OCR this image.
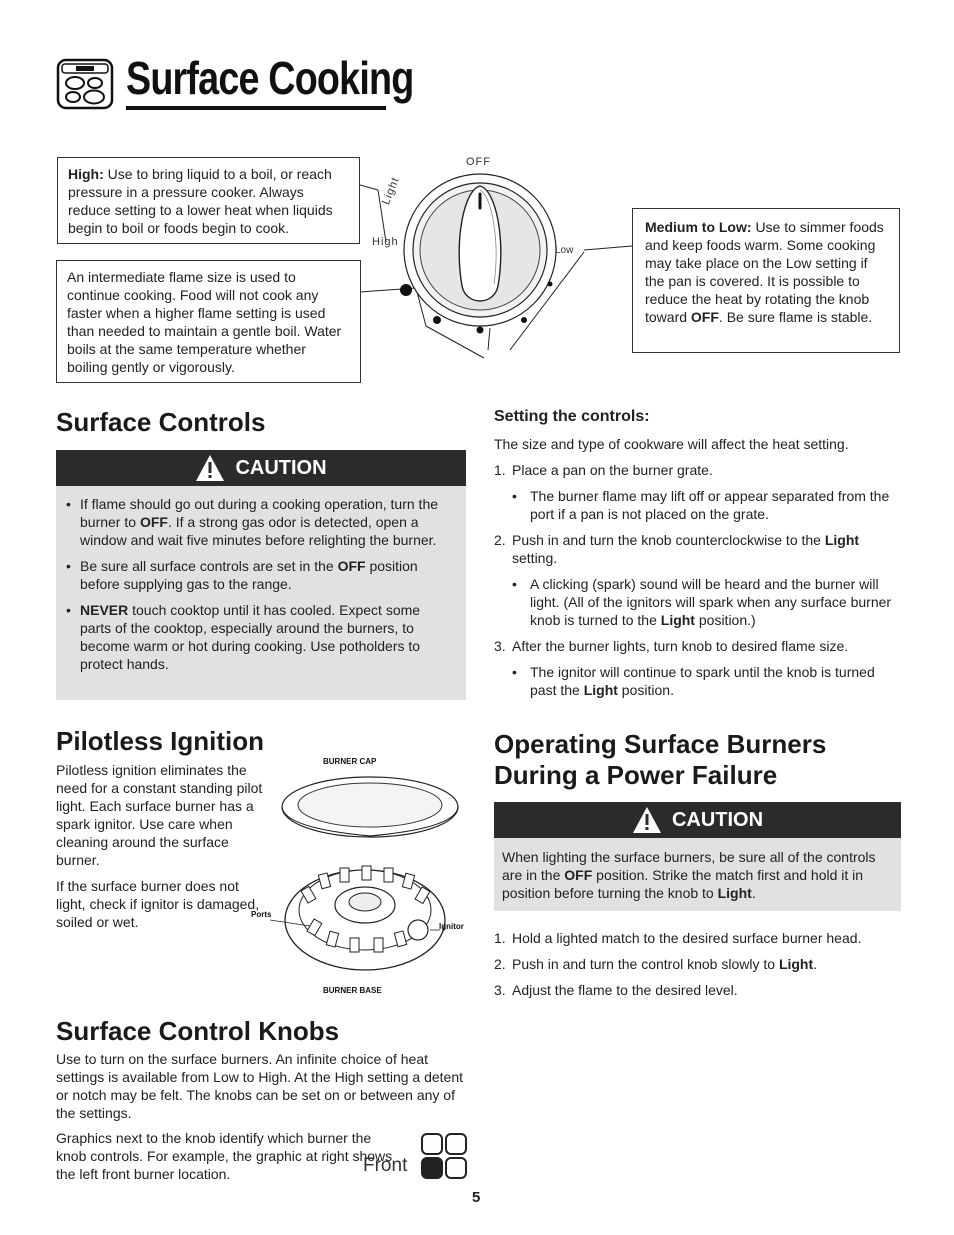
Surface Cooking
OFF
Light
High
Low
High: Use to bring liquid to a boil, or reach pressure in a pressure cooker. Always reduce setting to a lower heat when liquids begin to boil or foods begin to cook.
An intermediate flame size is used to continue cooking. Food will not cook any faster when a higher flame setting is used than needed to maintain a gentle boil. Water boils at the same temperature whether boiling gently or vigorously.
Medium to Low: Use to simmer foods and keep foods warm. Some cooking may take place on the Low setting if the pan is covered. It is possible to reduce the heat by rotating the knob toward OFF. Be sure flame is stable.
Surface Controls
CAUTION
• If flame should go out during a cooking operation, turn the burner to OFF. If a strong gas odor is detected, open a window and wait five minutes before relighting the burner.
• Be sure all surface controls are set in the OFF position before supplying gas to the range.
• NEVER touch cooktop until it has cooled. Expect some parts of the cooktop, especially around the burners, to become warm or hot during cooking. Use potholders to protect hands.
Setting the controls:
The size and type of cookware will affect the heat setting.
1. Place a pan on the burner grate.
• The burner flame may lift off or appear separated from the port if a pan is not placed on the grate.
2. Push in and turn the knob counterclockwise to the Light setting.
• A clicking (spark) sound will be heard and the burner will light. (All of the ignitors will spark when any surface burner knob is turned to the Light position.)
3. After the burner lights, turn knob to desired flame size.
• The ignitor will continue to spark until the knob is turned past the Light position.
Pilotless Ignition

Pilotless ignition eliminates the need for a constant standing pilot light. Each surface burner has a spark ignitor. Use care when cleaning around the surface burner.

If the surface burner does not light, check if ignitor is damaged, soiled or wet.

BURNER CAP
Ports
Ignitor
BURNER BASE
Operating Surface Burners During a Power Failure
CAUTION
When lighting the surface burners, be sure all of the controls are in the OFF position. Strike the match first and hold it in position before turning the knob to Light.
1. Hold a lighted match to the desired surface burner head.
2. Push in and turn the control knob slowly to Light.
3. Adjust the flame to the desired level.
Surface Control Knobs

Use to turn on the surface burners. An infinite choice of heat settings is available from Low to High. At the High setting a detent or notch may be felt. The knobs can be set on or between any of the settings.

Graphics next to the knob identify which burner the knob controls. For example, the graphic at right shows the left front burner location.	Front
5
